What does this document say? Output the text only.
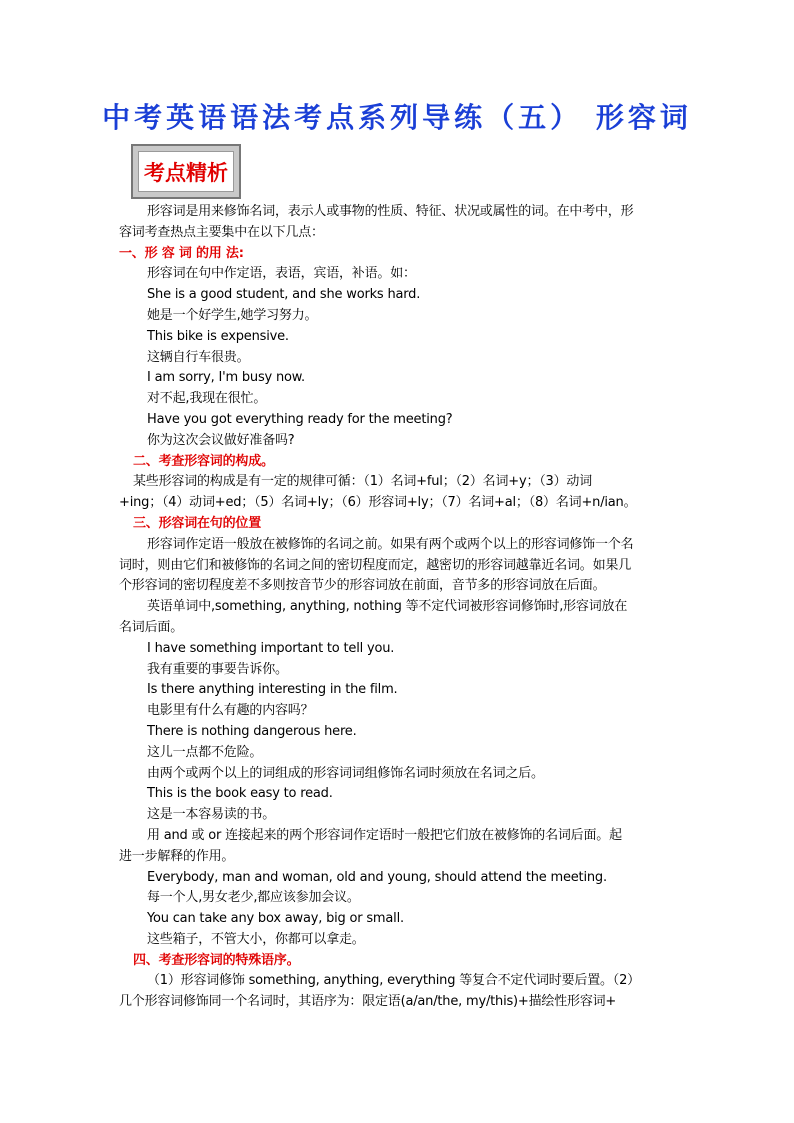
中考英语语法考点系列导练（五） 形容词
考点精析
形容词是用来修饰名词，表示人或事物的性质、特征、状况或属性的词。在中考中，形
容词考查热点主要集中在以下几点：
一、形 容 词 的用 法:
形容词在句中作定语，表语，宾语，补语。如：
She is a good student, and she works hard.
她是一个好学生,她学习努力。
This bike is expensive.
这辆自行车很贵。
I am sorry, I'm busy now.
对不起,我现在很忙。
Have you got everything ready for the meeting?
你为这次会议做好准备吗?
二、考查形容词的构成。
某些形容词的构成是有一定的规律可循：（1）名词+ful；（2）名词+y；（3）动词
+ing；（4）动词+ed；（5）名词+ly；（6）形容词+ly；（7）名词+al；（8）名词+n/ian。
三、形容词在句的位置
形容词作定语一般放在被修饰的名词之前。如果有两个或两个以上的形容词修饰一个名
词时，则由它们和被修饰的名词之间的密切程度而定，越密切的形容词越靠近名词。如果几
个形容词的密切程度差不多则按音节少的形容词放在前面，音节多的形容词放在后面。
英语单词中,something, anything, nothing 等不定代词被形容词修饰时,形容词放在
名词后面。
I have something important to tell you.
我有重要的事要告诉你。
Is there anything interesting in the film.
电影里有什么有趣的内容吗？
There is nothing dangerous here.
这儿一点都不危险。
由两个或两个以上的词组成的形容词词组修饰名词时须放在名词之后。
This is the book easy to read.
这是一本容易读的书。
用 and 或 or 连接起来的两个形容词作定语时一般把它们放在被修饰的名词后面。起
进一步解释的作用。
Everybody, man and woman, old and young, should attend the meeting.
每一个人,男女老少,都应该参加会议。
You can take any box away, big or small.
这些箱子，不管大小，你都可以拿走。
四、考查形容词的特殊语序。
（1）形容词修饰 something, anything, everything 等复合不定代词时要后置。（2）
几个形容词修饰同一个名词时，其语序为：限定语(a/an/the, my/this)+描绘性形容词+
